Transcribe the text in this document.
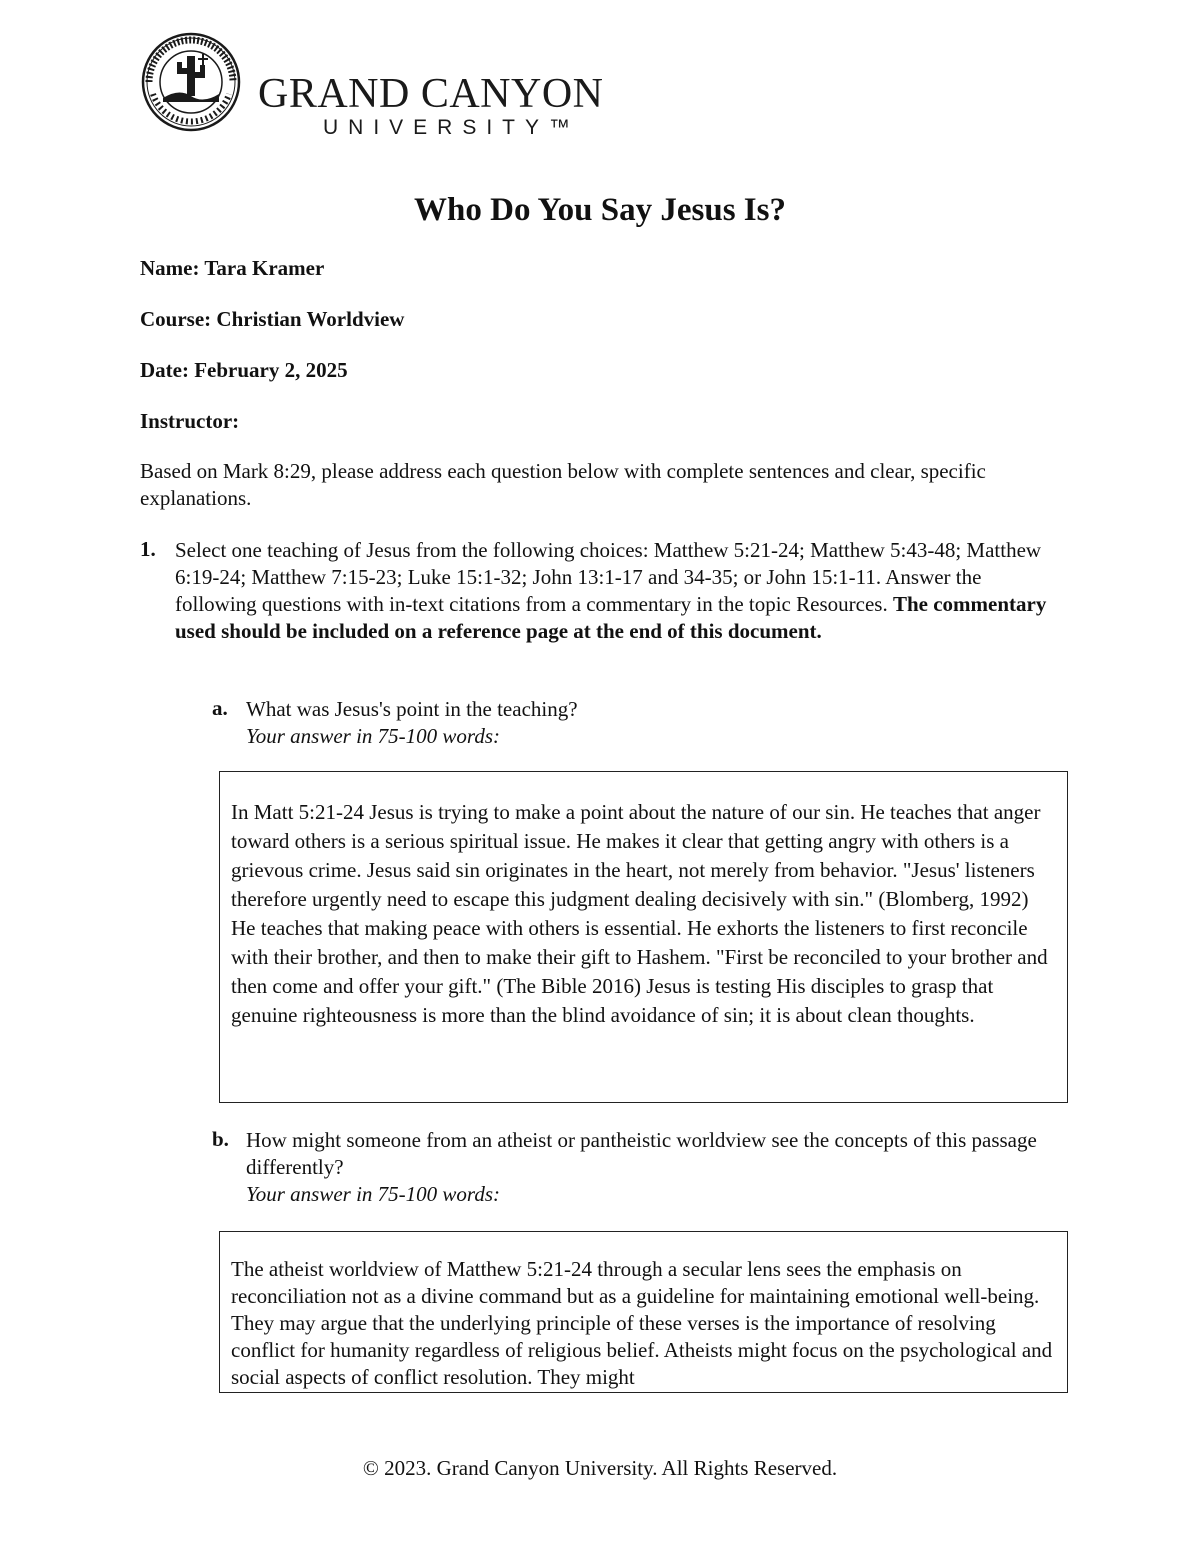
GRAND CANYON
UNIVERSITY™
Who Do You Say Jesus Is?
Name: Tara Kramer
Course: Christian Worldview
Date: February 2, 2025
Instructor:
Based on Mark 8:29, please address each question below with complete sentences and clear, specific explanations.
1. Select one teaching of Jesus from the following choices: Matthew 5:21-24; Matthew 5:43-48; Matthew 6:19-24; Matthew 7:15-23; Luke 15:1-32; John 13:1-17 and 34-35; or John 15:1-11. Answer the following questions with in-text citations from a commentary in the topic Resources. The commentary used should be included on a reference page at the end of this document.
a. What was Jesus's point in the teaching?
Your answer in 75-100 words:

In Matt 5:21-24 Jesus is trying to make a point about the nature of our sin. He teaches that anger toward others is a serious spiritual issue. He makes it clear that getting angry with others is a grievous crime. Jesus said sin originates in the heart, not merely from behavior. "Jesus' listeners therefore urgently need to escape this judgment dealing decisively with sin." (Blomberg, 1992) He teaches that making peace with others is essential. He exhorts the listeners to first reconcile with their brother, and then to make their gift to Hashem. "First be reconciled to your brother and then come and offer your gift." (The Bible 2016) Jesus is testing His disciples to grasp that genuine righteousness is more than the blind avoidance of sin; it is about clean thoughts.

b. How might someone from an atheist or pantheistic worldview see the concepts of this passage differently?
Your answer in 75-100 words:

The atheist worldview of Matthew 5:21-24 through a secular lens sees the emphasis on reconciliation not as a divine command but as a guideline for maintaining emotional well-being. They may argue that the underlying principle of these verses is the importance of resolving conflict for humanity regardless of religious belief. Atheists might focus on the psychological and social aspects of conflict resolution. They might

© 2023. Grand Canyon University. All Rights Reserved.
